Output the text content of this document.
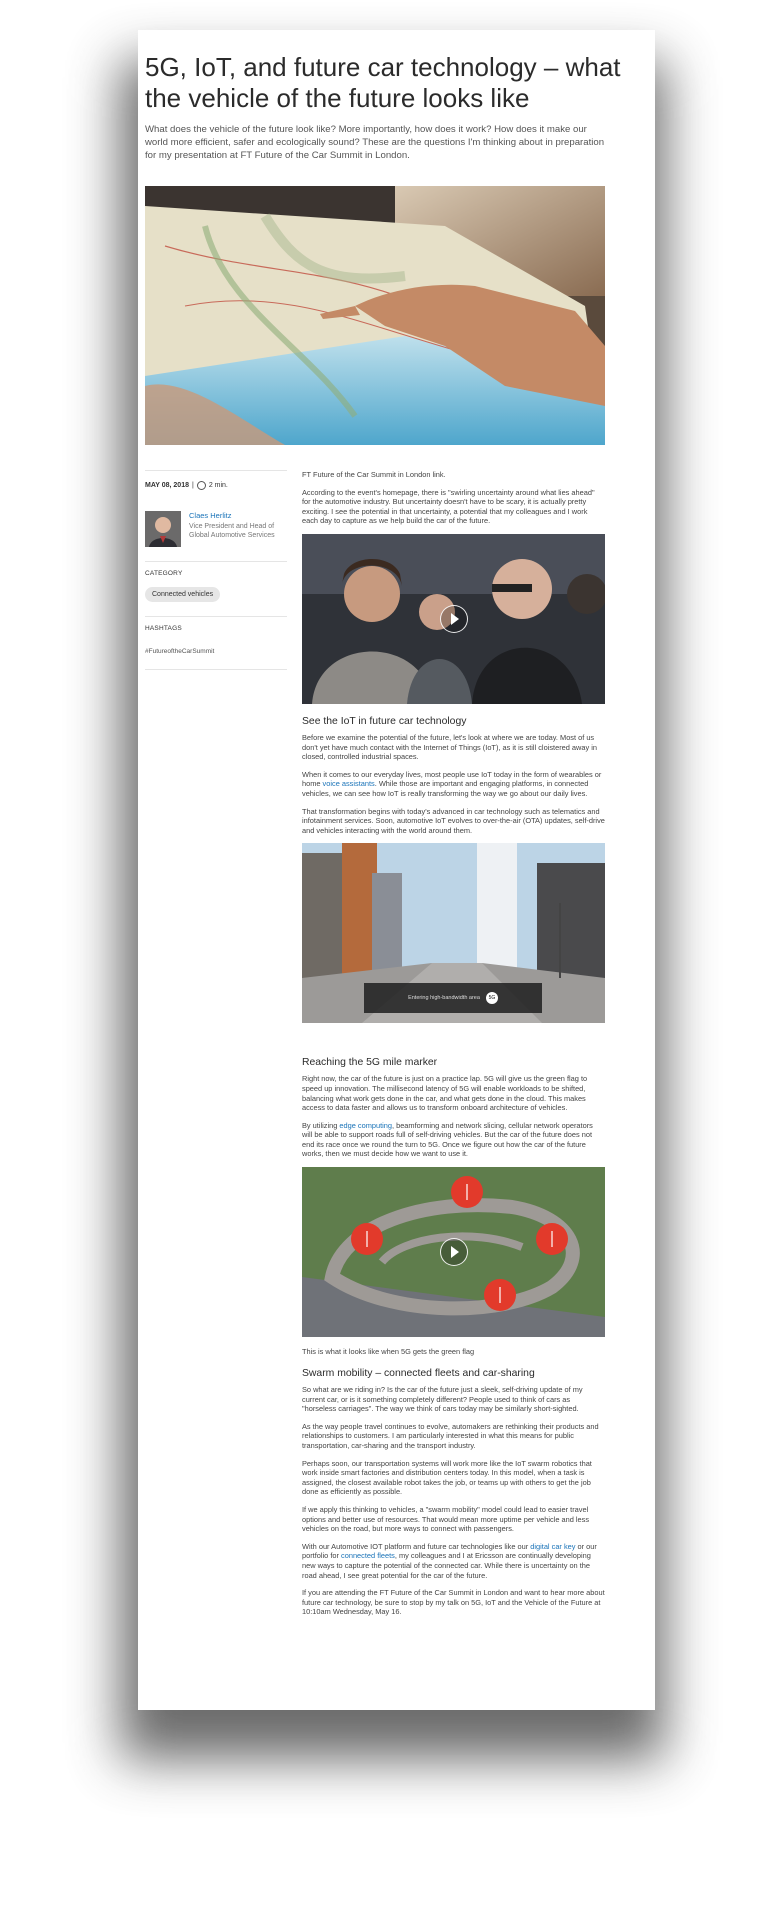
5G, IoT, and future car technology – what the vehicle of the future looks like

What does the vehicle of the future look like? More importantly, how does it work? How does it make our world more efficient, safer and ecologically sound? These are the questions I'm thinking about in preparation for my presentation at FT Future of the Car Summit in London.

MAY 08, 2018 | 2 min.
Claes Herlitz
Vice President and Head of Global Automotive Services
CATEGORY
Connected vehicles
HASHTAGS
#FutureoftheCarSummit

FT Future of the Car Summit in London link.

According to the event's homepage, there is "swirling uncertainty around what lies ahead" for the automotive industry. But uncertainty doesn't have to be scary, it is actually pretty exciting. I see the potential in that uncertainty, a potential that my colleagues and I work each day to capture as we help build the car of the future.

See the IoT in future car technology

Before we examine the potential of the future, let's look at where we are today. Most of us don't yet have much contact with the Internet of Things (IoT), as it is still cloistered away in closed, controlled industrial spaces.

When it comes to our everyday lives, most people use IoT today in the form of wearables or home voice assistants. While those are important and engaging platforms, in connected vehicles, we can see how IoT is really transforming the way we go about our daily lives.

That transformation begins with today's advanced in car technology such as telematics and infotainment services. Soon, automotive IoT evolves to over-the-air (OTA) updates, self-drive and vehicles interacting with the world around them.

Entering high-bandwidth area	5G
Reaching the 5G mile marker

Right now, the car of the future is just on a practice lap. 5G will give us the green flag to speed up innovation. The millisecond latency of 5G will enable workloads to be shifted, balancing what work gets done in the car, and what gets done in the cloud. This makes access to data faster and allows us to transform onboard architecture of vehicles.

By utilizing edge computing, beamforming and network slicing, cellular network operators will be able to support roads full of self-driving vehicles. But the car of the future does not end its race once we round the turn to 5G. Once we figure out how the car of the future works, then we must decide how we want to use it.

This is what it looks like when 5G gets the green flag

Swarm mobility – connected fleets and car-sharing

So what are we riding in? Is the car of the future just a sleek, self-driving update of my current car, or is it something completely different? People used to think of cars as "horseless carriages". The way we think of cars today may be similarly short-sighted.

As the way people travel continues to evolve, automakers are rethinking their products and relationships to customers. I am particularly interested in what this means for public transportation, car-sharing and the transport industry.

Perhaps soon, our transportation systems will work more like the IoT swarm robotics that work inside smart factories and distribution centers today. In this model, when a task is assigned, the closest available robot takes the job, or teams up with others to get the job done as efficiently as possible.

If we apply this thinking to vehicles, a "swarm mobility" model could lead to easier travel options and better use of resources. That would mean more uptime per vehicle and less vehicles on the road, but more ways to connect with passengers.

With our Automotive IOT platform and future car technologies like our digital car key or our portfolio for connected fleets, my colleagues and I at Ericsson are continually developing new ways to capture the potential of the connected car. While there is uncertainty on the road ahead, I see great potential for the car of the future.

If you are attending the FT Future of the Car Summit in London and want to hear more about future car technology, be sure to stop by my talk on 5G, IoT and the Vehicle of the Future at 10:10am Wednesday, May 16.
